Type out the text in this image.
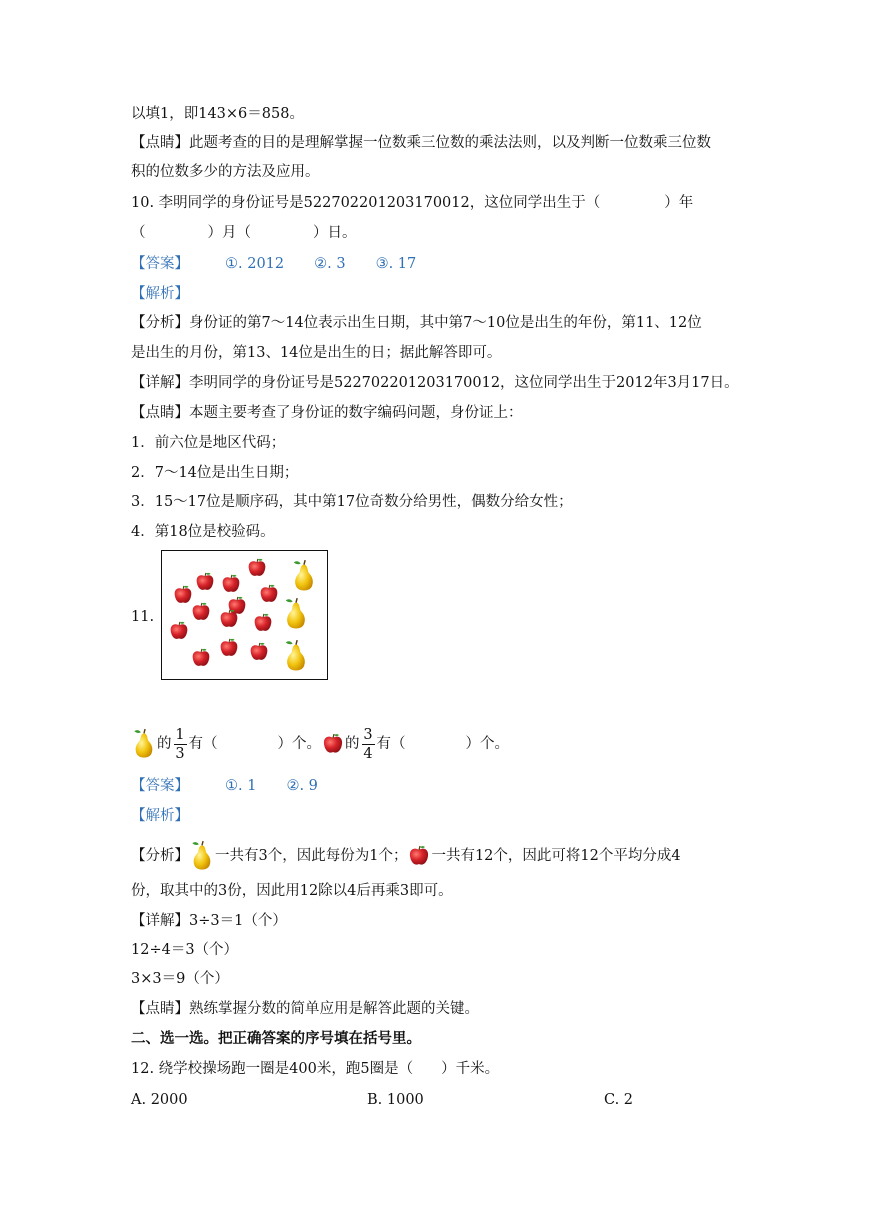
以填1，即143×6＝858。
【点睛】此题考查的目的是理解掌握一位数乘三位数的乘法法则，以及判断一位数乘三位数
积的位数多少的方法及应用。
10. 李明同学的身份证号是522702201203170012，这位同学出生于（	）年
（	）月（	）日。
【答案】 ①. 2012 ②. 3 ③. 17
【解析】
【分析】身份证的第7～14位表示出生日期，其中第7～10位是出生的年份，第11、12位
是出生的月份，第13、14位是出生的日；据此解答即可。
【详解】李明同学的身份证号是522702201203170012，这位同学出生于2012年3月17日。
【点睛】本题主要考查了身份证的数字编码问题，身份证上：
1．前六位是地区代码；
2．7～14位是出生日期；
3．15～17位是顺序码，其中第17位奇数分给男性，偶数分给女性；
4．第18位是校验码。
11.
的 $\frac{1}{3}$ 有（	）个。 的 $\frac{3}{4}$ 有（	）个。
【答案】 ①. 1 ②. 9
【解析】
【分析】 一共有3个，因此每份为1个； 一共有12个，因此可将12个平均分成4
份，取其中的3份，因此用12除以4后再乘3即可。
【详解】3÷3＝1（个）
12÷4＝3（个）
3×3＝9（个）
【点睛】熟练掌握分数的简单应用是解答此题的关键。
二、选一选。把正确答案的序号填在括号里。
12. 绕学校操场跑一圈是400米，跑5圈是（ ）千米。
A. 2000	B. 1000	C. 2
